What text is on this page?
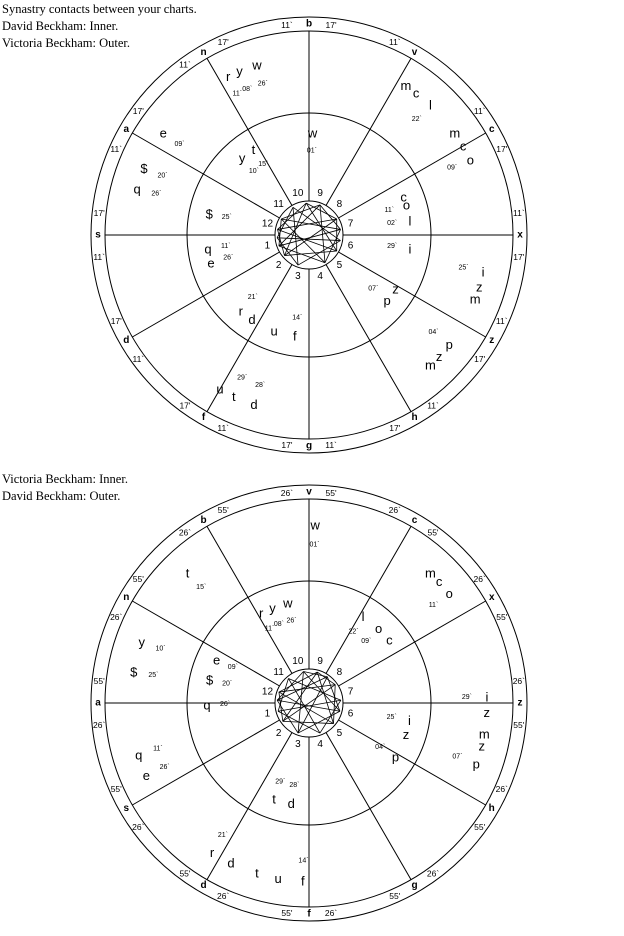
Synastry contacts between your charts.
David Beckham: Inner.
Victoria Beckham: Outer.
Victoria Beckham: Inner.
David Beckham: Outer.
b
11`	17'
v
11`
c
11`
17'
x
11`
17'
z
11`
17'
h
11`
17'
g 11`
17'
f
11`
17'
d
11`
17'
s
11`
17'
a
11`
17'
n
11`
17'
1
2
3 4
5
6
7
8
9
10
11
12
w
26`
y
08`
r
11`
l
22`
c
m
o
09`
c
m
i
25`
z
m
p
04`
z
m
t
29`
u
d
28`
q 26`
$ 20`
e
09`
w
01`
t
15`
y
10`
$ 25`
q 11`
e 26`
r
21`
d
f
14`
u
p
07` z
i
29`
l
02`
o
11`
c
v
26`	55'
c
26`
55'
x
26`
55'
z
26`
55'
h
26`
55'
g
26`
55'
f 26`
55'
d
26`
55'
s
26`
55'
a
26`
55'
n
26`
55'
b
26`
55'
1
2
3 4
5
6
7
8
9
10
11
12
w
01`
t
15`
y 10`
$ 25`
q 11`
e
26`
r
21`
d
t u f
14`
p
07`
z
m
i
29`
z
o
11`
c
m
w
26`
y
08`
r
11`
e
09`
$ 20`
q 26`
l
22` o
09` c
i
25`
z
p
04`
d
28`
t
29`
